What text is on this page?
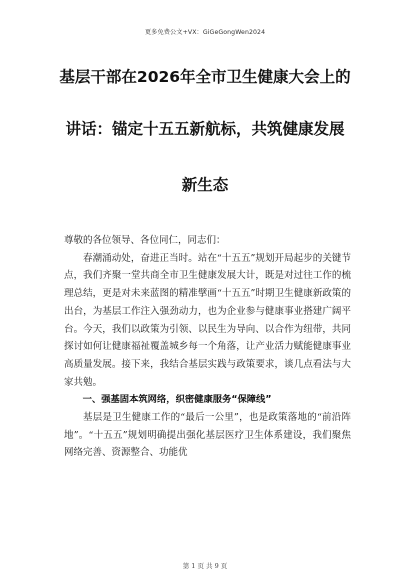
更多免费公文+VX：GiGeGongWen2024
基层干部在2026年全市卫生健康大会上的
讲话：锚定十五五新航标，共筑健康发展
新生态

尊敬的各位领导、各位同仁，同志们：

春潮涌动处，奋进正当时。站在“十五五”规划开局起步的关键节点，我们齐聚一堂共商全市卫生健康发展大计，既是对过往工作的梳理总结，更是对未来蓝图的精准擘画“十五五”时期卫生健康新政策的出台，为基层工作注入强劲动力，也为企业参与健康事业搭建广阔平台。今天，我们以政策为引领、以民生为导向、以合作为纽带，共同探讨如何让健康福祉覆盖城乡每一个角落，让产业活力赋能健康事业高质量发展。接下来，我结合基层实践与政策要求，谈几点看法与大家共勉。

一、强基固本筑网络，织密健康服务“保障线”

基层是卫生健康工作的“最后一公里”，也是政策落地的“前沿阵地”。“十五五”规划明确提出强化基层医疗卫生体系建设，我们聚焦网络完善、资源整合、功能优

第 1 页 共 9 页
